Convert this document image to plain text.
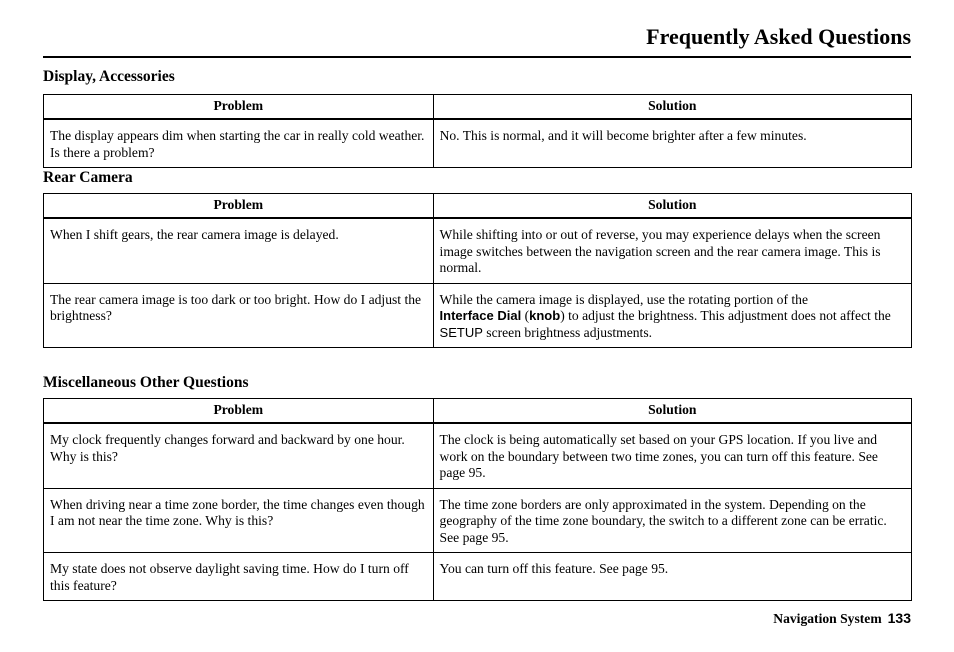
Frequently Asked Questions
Display, Accessories
Problem	Solution
The display appears dim when starting the car in really cold weather. Is there a problem?	No. This is normal, and it will become brighter after a few minutes.
Rear Camera
Problem	Solution
When I shift gears, the rear camera image is delayed.	While shifting into or out of reverse, you may experience delays when the screen image switches between the navigation screen and the rear camera image. This is normal.
The rear camera image is too dark or too bright. How do I adjust the brightness?	While the camera image is displayed, use the rotating portion of the
Interface Dial (knob) to adjust the brightness. This adjustment does not affect the SETUP screen brightness adjustments.
Miscellaneous Other Questions
Problem	Solution
My clock frequently changes forward and backward by one hour. Why is this?	The clock is being automatically set based on your GPS location. If you live and work on the boundary between two time zones, you can turn off this feature. See page 95.
When driving near a time zone border, the time changes even though I am not near the time zone. Why is this?	The time zone borders are only approximated in the system. Depending on the geography of the time zone boundary, the switch to a different zone can be erratic. See page 95.
My state does not observe daylight saving time. How do I turn off this feature?	You can turn off this feature. See page 95.
Navigation System 133
